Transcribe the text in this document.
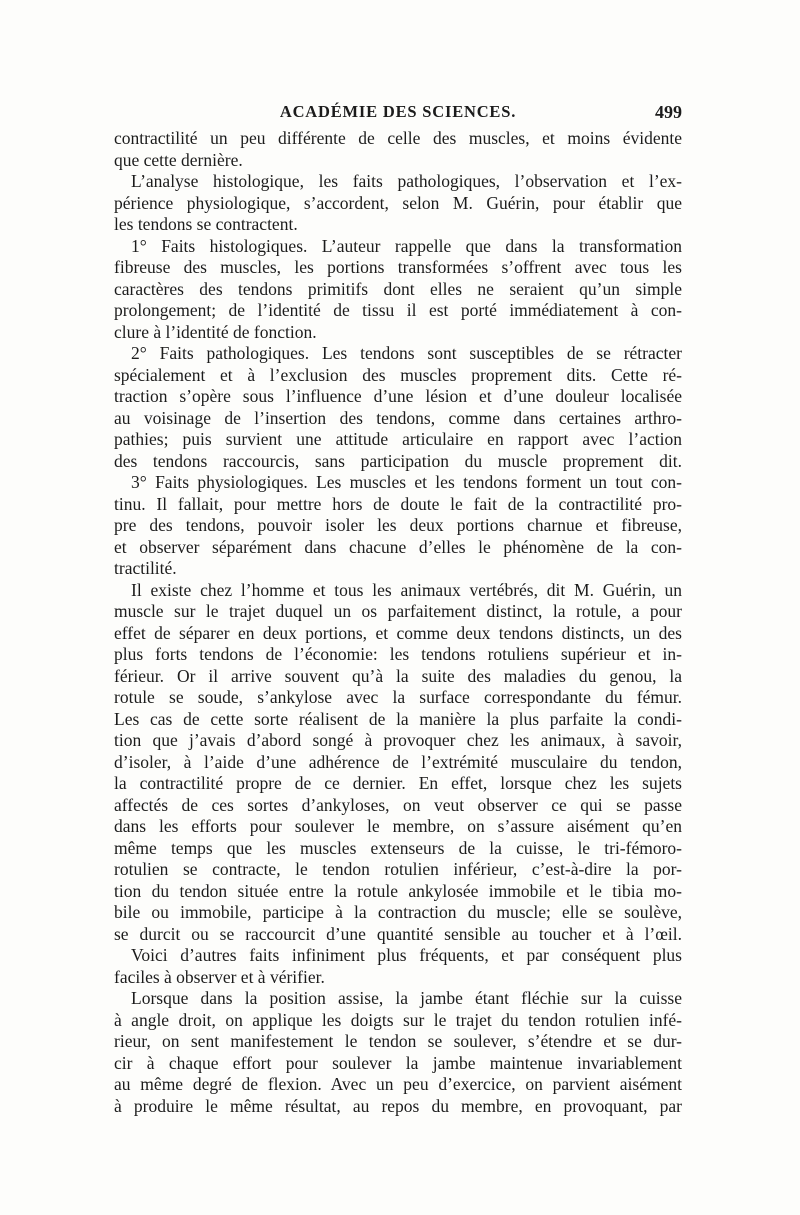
ACADÉMIE DES SCIENCES.	499
contractilité un peu différente de celle des muscles, et moins évidente
que cette dernière.
L’analyse histologique, les faits pathologiques, l’observation et l’ex-
périence physiologique, s’accordent, selon M. Guérin, pour établir que
les tendons se contractent.
1° Faits histologiques. L’auteur rappelle que dans la transformation
fibreuse des muscles, les portions transformées s’offrent avec tous les
caractères des tendons primitifs dont elles ne seraient qu’un simple
prolongement; de l’identité de tissu il est porté immédiatement à con-
clure à l’identité de fonction.
2° Faits pathologiques. Les tendons sont susceptibles de se rétracter
spécialement et à l’exclusion des muscles proprement dits. Cette ré-
traction s’opère sous l’influence d’une lésion et d’une douleur localisée
au voisinage de l’insertion des tendons, comme dans certaines arthro-
pathies; puis survient une attitude articulaire en rapport avec l’action
des tendons raccourcis, sans participation du muscle proprement dit.
3° Faits physiologiques. Les muscles et les tendons forment un tout con-
tinu. Il fallait, pour mettre hors de doute le fait de la contractilité pro-
pre des tendons, pouvoir isoler les deux portions charnue et fibreuse,
et observer séparément dans chacune d’elles le phénomène de la con-
tractilité.
Il existe chez l’homme et tous les animaux vertébrés, dit M. Guérin, un
muscle sur le trajet duquel un os parfaitement distinct, la rotule, a pour
effet de séparer en deux portions, et comme deux tendons distincts, un des
plus forts tendons de l’économie: les tendons rotuliens supérieur et in-
férieur. Or il arrive souvent qu’à la suite des maladies du genou, la
rotule se soude, s’ankylose avec la surface correspondante du fémur.
Les cas de cette sorte réalisent de la manière la plus parfaite la condi-
tion que j’avais d’abord songé à provoquer chez les animaux, à savoir,
d’isoler, à l’aide d’une adhérence de l’extrémité musculaire du tendon,
la contractilité propre de ce dernier. En effet, lorsque chez les sujets
affectés de ces sortes d’ankyloses, on veut observer ce qui se passe
dans les efforts pour soulever le membre, on s’assure aisément qu’en
même temps que les muscles extenseurs de la cuisse, le tri-fémoro-
rotulien se contracte, le tendon rotulien inférieur, c’est-à-dire la por-
tion du tendon située entre la rotule ankylosée immobile et le tibia mo-
bile ou immobile, participe à la contraction du muscle; elle se soulève,
se durcit ou se raccourcit d’une quantité sensible au toucher et à l’œil.
Voici d’autres faits infiniment plus fréquents, et par conséquent plus
faciles à observer et à vérifier.
Lorsque dans la position assise, la jambe étant fléchie sur la cuisse
à angle droit, on applique les doigts sur le trajet du tendon rotulien infé-
rieur, on sent manifestement le tendon se soulever, s’étendre et se dur-
cir à chaque effort pour soulever la jambe maintenue invariablement
au même degré de flexion. Avec un peu d’exercice, on parvient aisément
à produire le même résultat, au repos du membre, en provoquant, par
